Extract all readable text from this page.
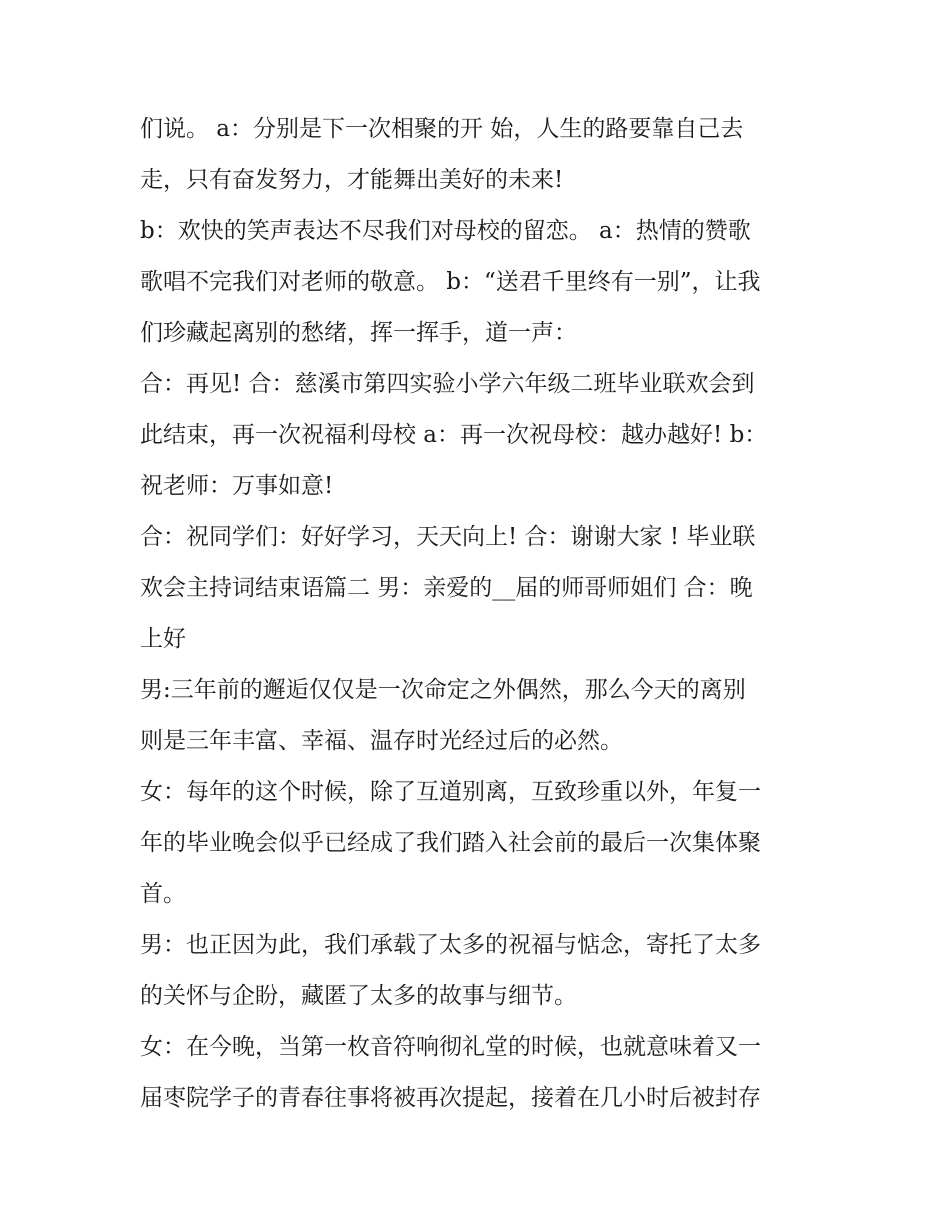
们说。 a：分别是下一次相聚的开 始，人生的路要靠自己去
走，只有奋发努力，才能舞出美好的未来!
b：欢快的笑声表达不尽我们对母校的留恋。 a：热情的赞歌
歌唱不完我们对老师的敬意。 b：“送君千里终有一别”，让我
们珍藏起离别的愁绪，挥一挥手，道一声：
合：再见! 合：慈溪市第四实验小学六年级二班毕业联欢会到
此结束，再一次祝福利母校 a：再一次祝母校：越办越好! b：
祝老师：万事如意!
合：祝同学们：好好学习，天天向上! 合：谢谢大家 ! 毕业联
欢会主持词结束语篇二 男：亲爱的__届的师哥师姐们 合：晚
上好
男:三年前的邂逅仅仅是一次命定之外偶然，那么今天的离别
则是三年丰富、幸福、温存时光经过后的必然。
女：每年的这个时候，除了互道别离，互致珍重以外，年复一
年的毕业晚会似乎已经成了我们踏入社会前的最后一次集体聚
首。
男：也正因为此，我们承载了太多的祝福与惦念，寄托了太多
的关怀与企盼，藏匿了太多的故事与细节。
女：在今晚，当第一枚音符响彻礼堂的时候，也就意味着又一
届枣院学子的青春往事将被再次提起，接着在几小时后被封存
